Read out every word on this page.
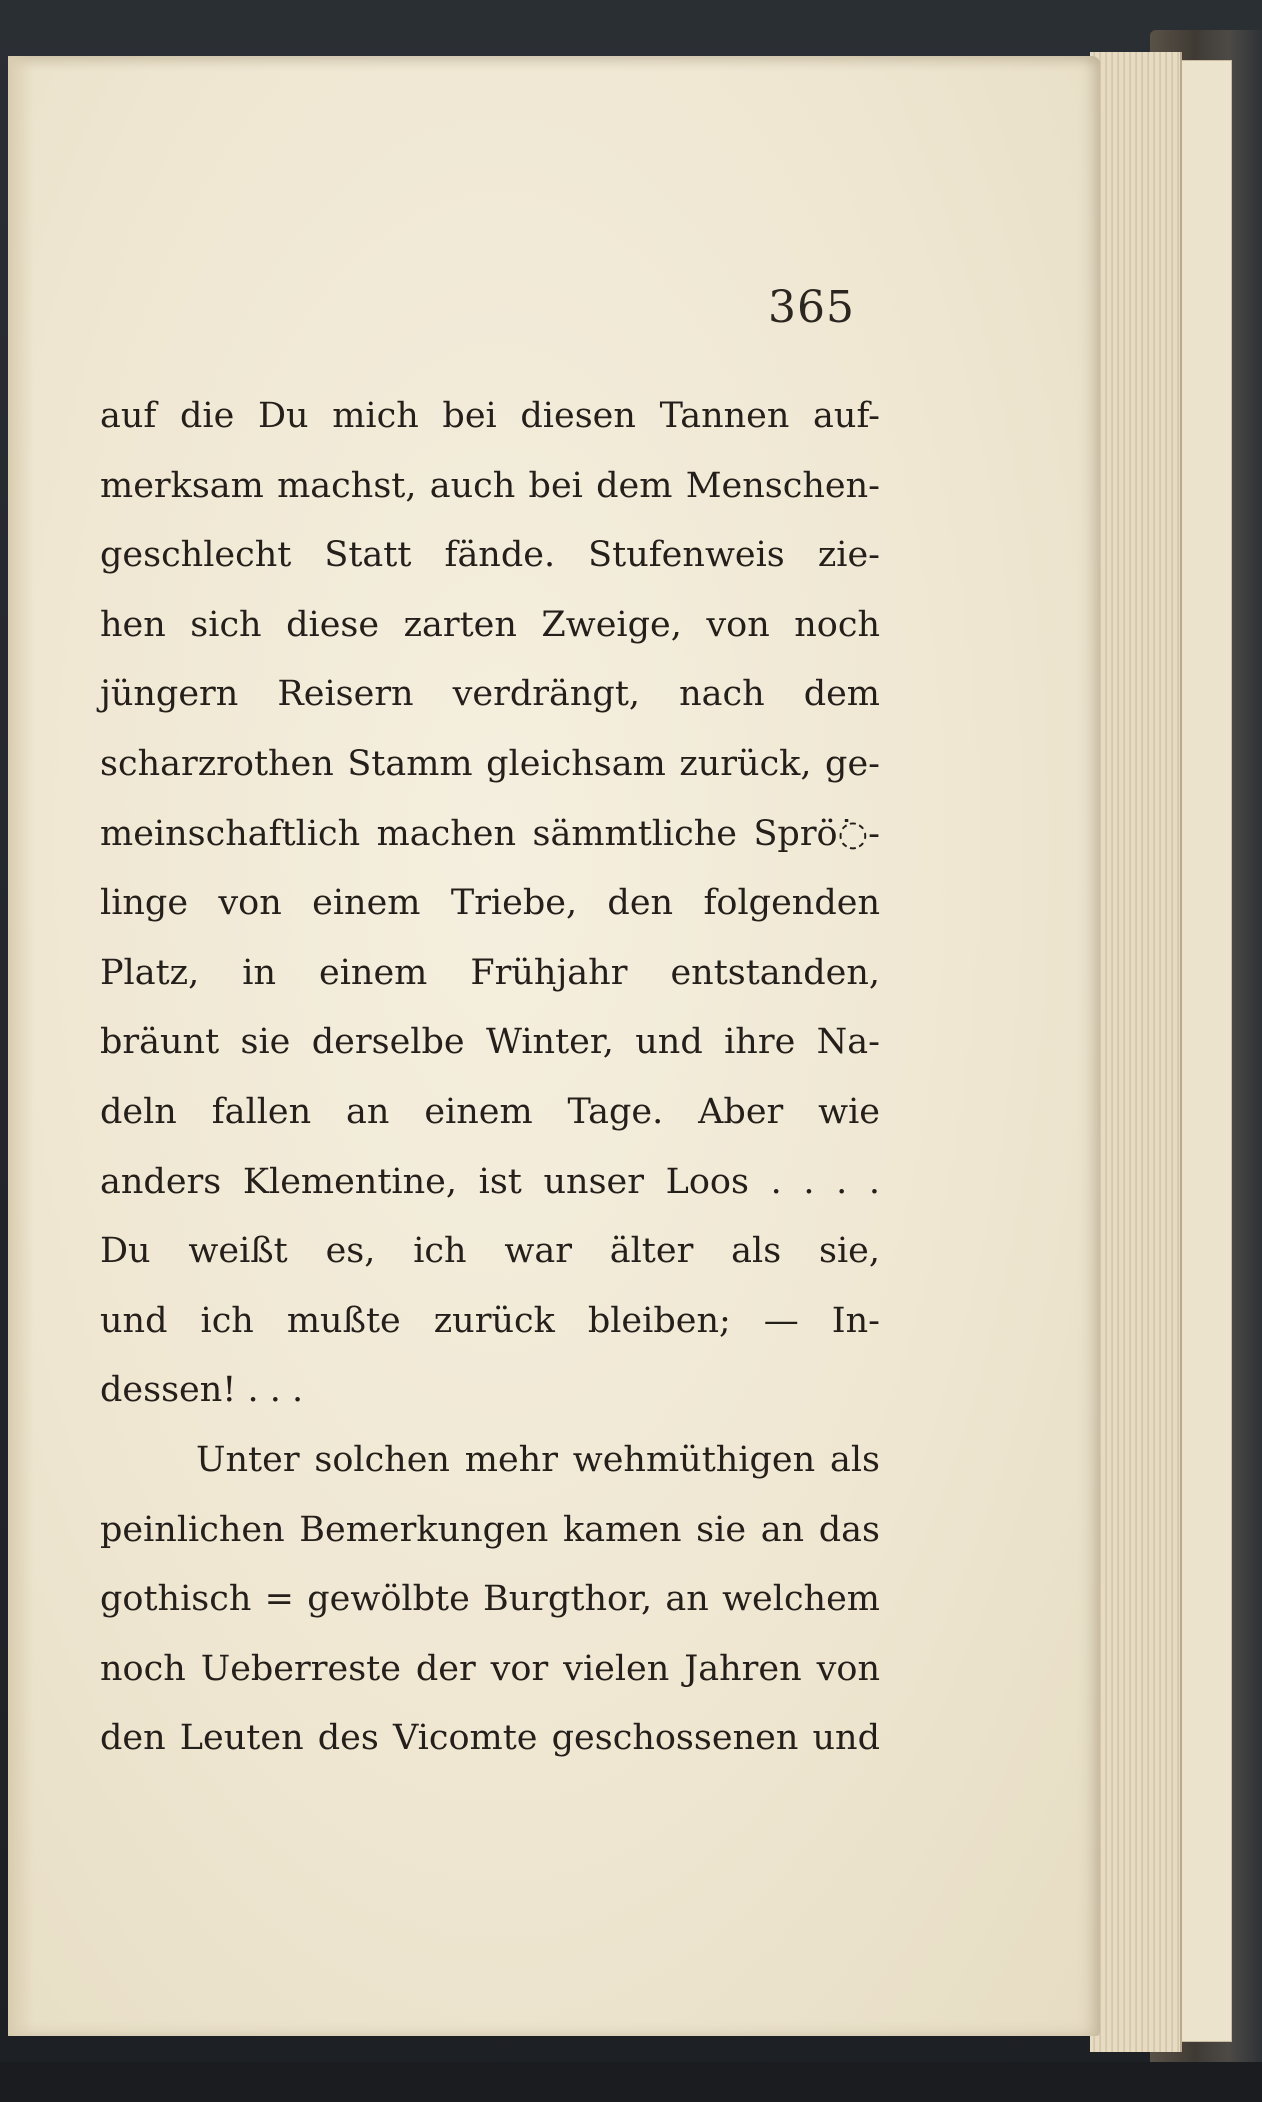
365
auf die Du mich bei diesen Tannen auf-
merksam machst, auch bei dem Menschen-
geschlecht Statt fände. Stufenweis zie-
hen sich diese zarten Zweige, von noch
jüngern Reisern verdrängt, nach dem
scharzrothen Stamm gleichsam zurück, ge-
meinschaftlich machen sämmtliche Sprö߭-
linge von einem Triebe, den folgenden
Platz, in einem Frühjahr entstanden,
bräunt sie derselbe Winter, und ihre Na-
deln fallen an einem Tage. Aber wie
anders Klementine, ist unser Loos . . . .
Du weißt es, ich war älter als sie,
und ich mußte zurück bleiben; — In-
dessen! . . .
Unter solchen mehr wehmüthigen als
peinlichen Bemerkungen kamen sie an das
gothisch = gewölbte Burgthor, an welchem
noch Ueberreste der vor vielen Jahren von
den Leuten des Vicomte geschossenen und
